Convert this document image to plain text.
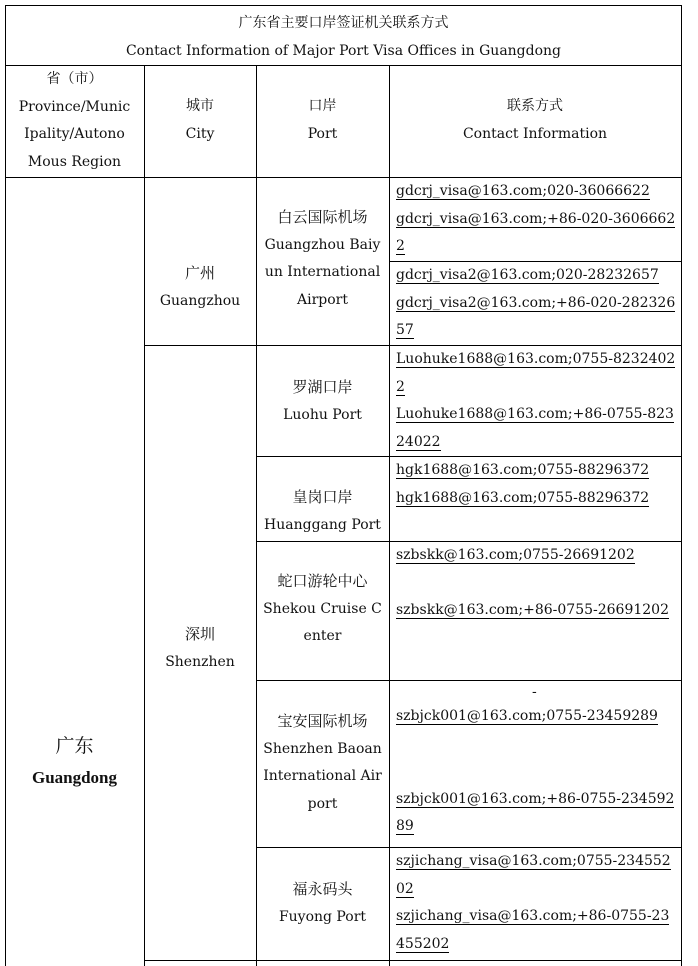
广东省主要口岸签证机关联系方式
Contact Information of Major Port Visa Offices in Guangdong
省（市）
Province/Munic
Ipality/Autono
Mous Region
城市
City
口岸
Port
联系方式
Contact Information
广东
Guangdong
广州
Guangzhou
深圳
Shenzhen
白云国际机场
Guangzhou Baiy
un International
Airport
罗湖口岸
Luohu Port
皇岗口岸
Huanggang Port
蛇口游轮中心
Shekou Cruise C
enter
宝安国际机场
Shenzhen Baoan
International Air
port
福永码头
Fuyong Port
gdcrj_visa@163.com;020-36066622
gdcrj_visa@163.com;+86-020-3606662
2
gdcrj_visa2@163.com;020-28232657
gdcrj_visa2@163.com;+86-020-282326
57
Luohuke1688@163.com;0755-8232402
2
Luohuke1688@163.com;+86-0755-823
24022
hgk1688@163.com;0755-88296372
hgk1688@163.com;0755-88296372
szbskk@163.com;0755-26691202
szbskk@163.com;+86-0755-26691202
-
szbjck001@163.com;0755-23459289
szbjck001@163.com;+86-0755-234592
89
szjichang_visa@163.com;0755-234552
02
szjichang_visa@163.com;+86-0755-23
455202
